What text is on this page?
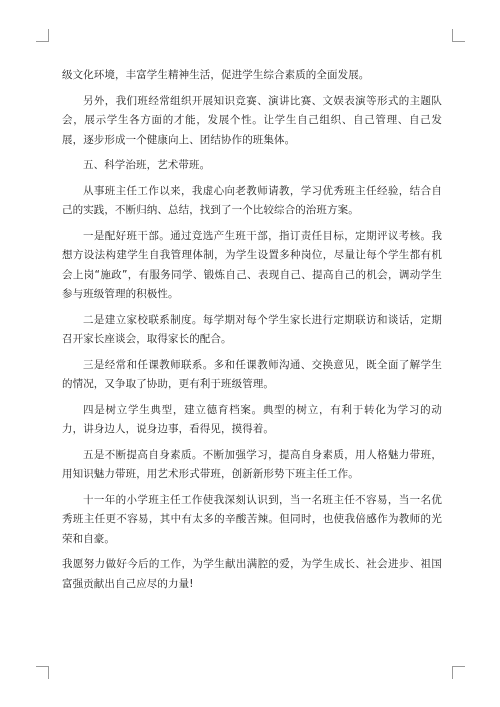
级文化环境，丰富学生精神生活，促进学生综合素质的全面发展。

另外，我们班经常组织开展知识竞赛、演讲比赛、文娱表演等形式的主题队会，展示学生各方面的才能，发展个性。让学生自己组织、自己管理、自己发展，逐步形成一个健康向上、团结协作的班集体。

五、科学治班，艺术带班。

从事班主任工作以来，我虚心向老教师请教，学习优秀班主任经验，结合自己的实践，不断归纳、总结，找到了一个比较综合的治班方案。

一是配好班干部。通过竞选产生班干部，指订责任目标，定期评议考核。我想方设法构建学生自我管理体制，为学生设置多种岗位，尽量让每个学生都有机会上岗“施政”，有服务同学、锻炼自己、表现自己、提高自己的机会，调动学生参与班级管理的积极性。

二是建立家校联系制度。每学期对每个学生家长进行定期联访和谈话，定期召开家长座谈会，取得家长的配合。

三是经常和任课教师联系。多和任课教师沟通、交换意见，既全面了解学生的情况，又争取了协助，更有利于班级管理。

四是树立学生典型，建立德育档案。典型的树立，有利于转化为学习的动力，讲身边人，说身边事，看得见，摸得着。

五是不断提高自身素质。不断加强学习，提高自身素质，用人格魅力带班，用知识魅力带班，用艺术形式带班，创新新形势下班主任工作。

十一年的小学班主任工作使我深刻认识到，当一名班主任不容易，当一名优秀班主任更不容易，其中有太多的辛酸苦辣。但同时，也使我倍感作为教师的光荣和自豪。

我愿努力做好今后的工作，为学生献出满腔的爱，为学生成长、社会进步、祖国富强贡献出自己应尽的力量!
